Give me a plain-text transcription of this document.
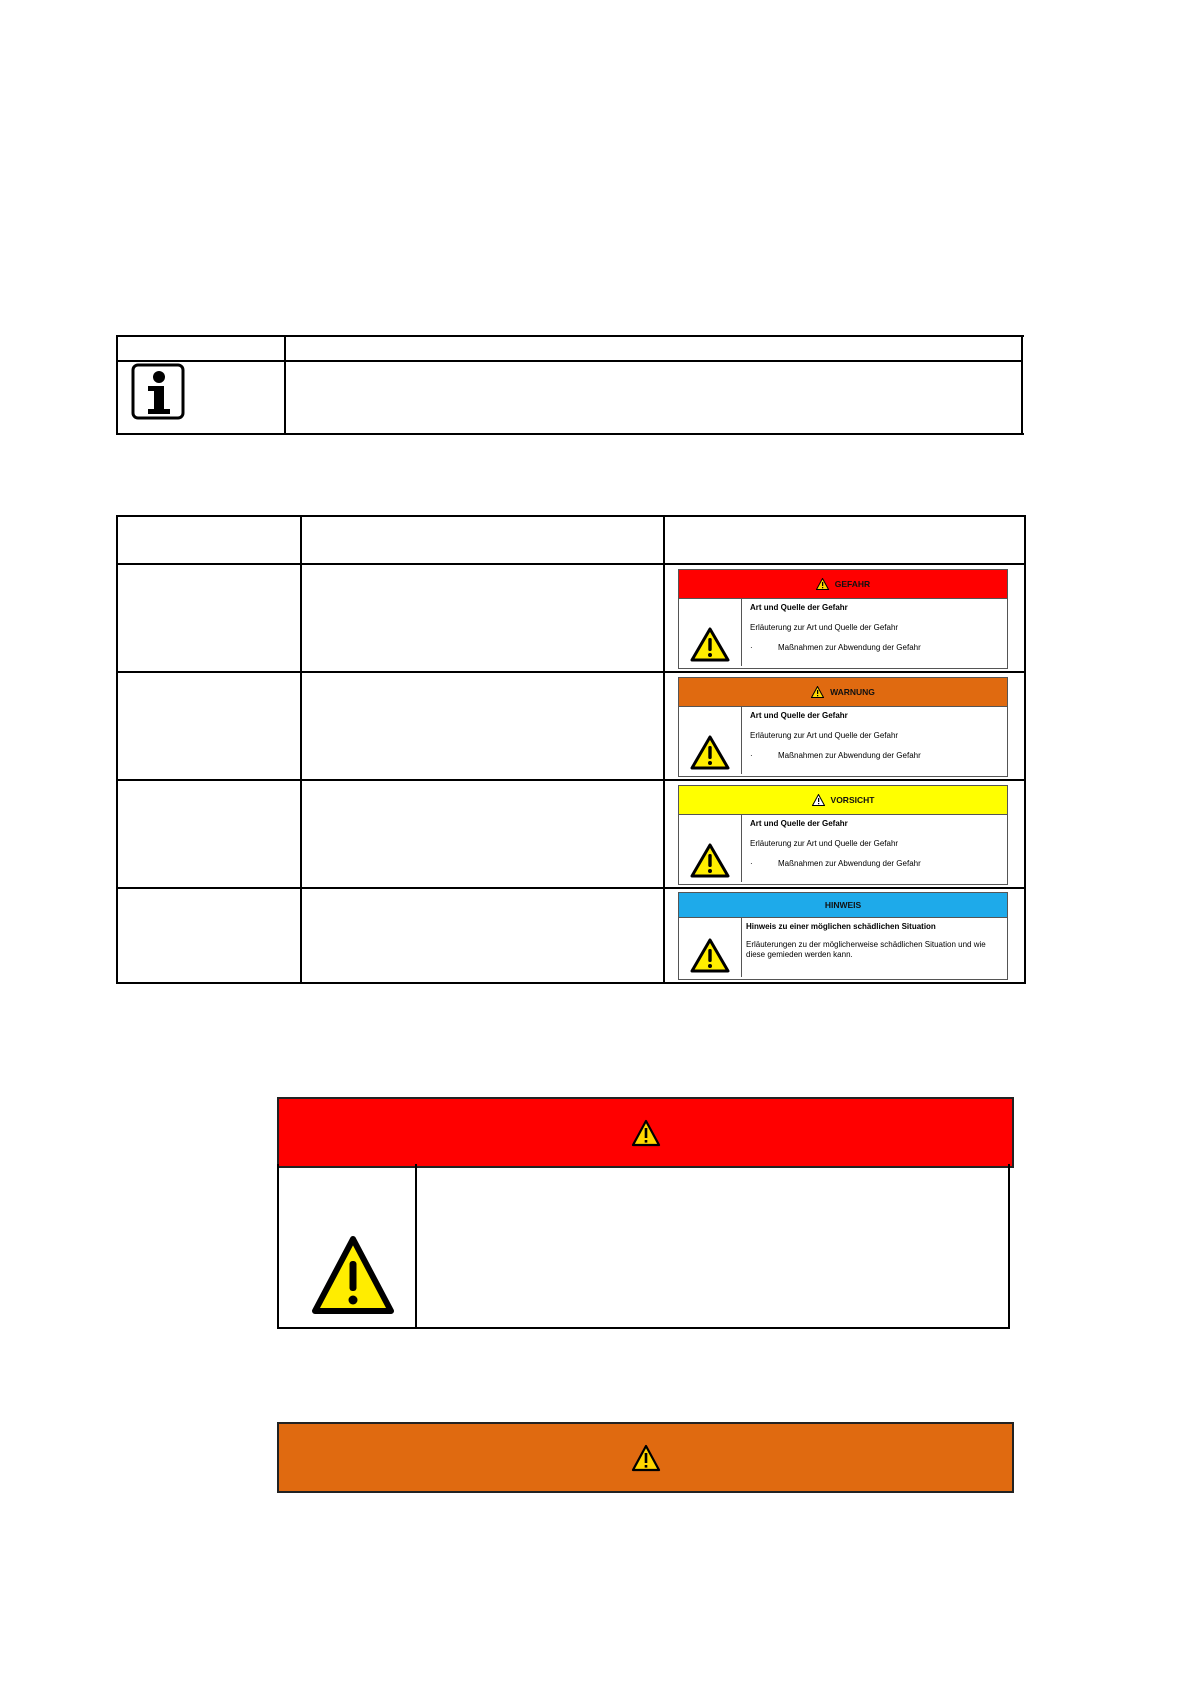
GEFAHR
Art und Quelle der Gefahr
Erläuterung zur Art und Quelle der Gefahr
·	Maßnahmen zur Abwendung der Gefahr
WARNUNG
Art und Quelle der Gefahr
Erläuterung zur Art und Quelle der Gefahr
·	Maßnahmen zur Abwendung der Gefahr
VORSICHT
Art und Quelle der Gefahr
Erläuterung zur Art und Quelle der Gefahr
·	Maßnahmen zur Abwendung der Gefahr
HINWEIS
Hinweis zu einer möglichen schädlichen Situation
Erläuterungen zu der möglicherweise schädlichen Situation und wie diese gemieden werden kann.
